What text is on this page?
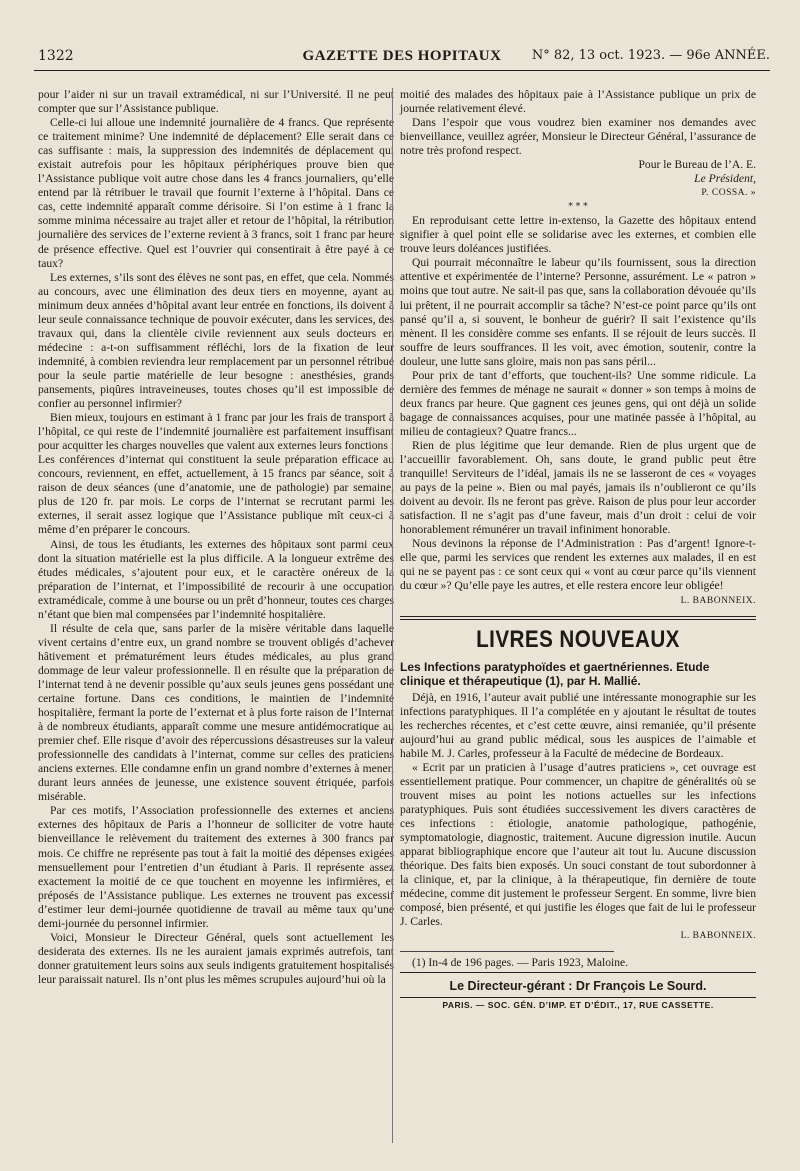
1322	GAZETTE DES HOPITAUX	N° 82, 13 oct. 1923. — 96e ANNÉE.

pour l’aider ni sur un travail extramédical, ni sur l’Université. Il ne peut compter que sur l’Assistance publique.

Celle-ci lui alloue une indemnité journalière de 4 francs. Que représente ce traitement minime? Une indemnité de déplacement? Elle serait dans ce cas suffisante : mais, la suppression des indemnités de déplacement qui existait autrefois pour les hôpitaux périphériques prouve bien que l’Assistance publique voit autre chose dans les 4 francs journaliers, qu’elle entend par là rétribuer le travail que fournit l’externe à l’hôpital. Dans ce cas, cette indemnité apparaît comme dérisoire. Si l’on estime à 1 franc la somme minima nécessaire au trajet aller et retour de l’hôpital, la rétribution journalière des services de l’externe revient à 3 francs, soit 1 franc par heure de présence effective. Quel est l’ouvrier qui consentirait à être payé à ce taux?

Les externes, s’ils sont des élèves ne sont pas, en effet, que cela. Nommés au concours, avec une élimination des deux tiers en moyenne, ayant au minimum deux années d’hôpital avant leur entrée en fonctions, ils doivent à leur seule connaissance technique de pouvoir exécuter, dans les services, des travaux qui, dans la clientèle civile reviennent aux seuls docteurs en médecine : a-t-on suffisamment réfléchi, lors de la fixation de leur indemnité, à combien reviendra leur remplacement par un personnel rétribué pour la seule partie matérielle de leur besogne : anesthésies, grands pansements, piqûres intraveineuses, toutes choses qu’il est impossible de confier au personnel infirmier?

Bien mieux, toujours en estimant à 1 franc par jour les frais de transport à l’hôpital, ce qui reste de l’indemnité journalière est parfaitement insuffisant pour acquitter les charges nouvelles que valent aux externes leurs fonctions : Les conférences d’internat qui constituent la seule préparation efficace au concours, reviennent, en effet, actuellement, à 15 francs par séance, soit à raison de deux séances (une d’anatomie, une de pathologie) par semaine, plus de 120 fr. par mois. Le corps de l’internat se recrutant parmi les externes, il serait assez logique que l’Assistance publique mît ceux-ci à même d’en préparer le concours.

Ainsi, de tous les étudiants, les externes des hôpitaux sont parmi ceux dont la situation matérielle est la plus difficile. A la longueur extrême des études médicales, s’ajoutent pour eux, et le caractère onéreux de la préparation de l’internat, et l’impossibilité de recourir à une occupation extramédicale, comme à une bourse ou un prêt d’honneur, toutes ces charges n’étant que bien mal compensées par l’indemnité hospitalière.

Il résulte de cela que, sans parler de la misère véritable dans laquelle vivent certains d’entre eux, un grand nombre se trouvent obligés d’achever hâtivement et prématurément leurs études médicales, au plus grand dommage de leur valeur professionnelle. Il en résulte que la préparation de l’internat tend à ne devenir possible qu’aux seuls jeunes gens possédant une certaine fortune. Dans ces conditions, le maintien de l’indemnité hospitalière, fermant la porte de l’externat et à plus forte raison de l’Internat à de nombreux étudiants, apparaît comme une mesure antidémocratique au premier chef. Elle risque d’avoir des répercussions désastreuses sur la valeur professionnelle des candidats à l’internat, comme sur celles des praticiens anciens externes. Elle condamne enfin un grand nombre d’externes à mener, durant leurs années de jeunesse, une existence souvent étriquée, parfois misérable.

Par ces motifs, l’Association professionnelle des externes et anciens externes des hôpitaux de Paris a l’honneur de solliciter de votre haute bienveillance le relèvement du traitement des externes à 300 francs par mois. Ce chiffre ne représente pas tout à fait la moitié des dépenses exigées mensuellement pour l’entretien d’un étudiant à Paris. Il représente assez exactement la moitié de ce que touchent en moyenne les infirmières, et préposés de l’Assistance publique. Les externes ne trouvent pas excessif d’estimer leur demi-journée quotidienne de travail au même taux qu’une demi-journée du personnel infirmier.

Voici, Monsieur le Directeur Général, quels sont actuellement les desiderata des externes. Ils ne les auraient jamais exprimés autrefois, tant donner gratuitement leurs soins aux seuls indigents gratuitement hospitalisés leur paraissait naturel. Ils n’ont plus les mêmes scrupules aujourd’hui où la

moitié des malades des hôpitaux paie à l’Assistance publique un prix de journée relativement élevé.

Dans l’espoir que vous voudrez bien examiner nos demandes avec bienveillance, veuillez agréer, Monsieur le Directeur Général, l’assurance de notre très profond respect.

Pour le Bureau de l’A. E.
Le Président,
P. COSSA. »
* * *

En reproduisant cette lettre in-extenso, la Gazette des hôpitaux entend signifier à quel point elle se solidarise avec les externes, et combien elle trouve leurs doléances justifiées.

Qui pourrait méconnaître le labeur qu’ils fournissent, sous la direction attentive et expérimentée de l’interne? Personne, assurément. Le « patron » moins que tout autre. Ne sait-il pas que, sans la collaboration dévouée qu’ils lui prêtent, il ne pourrait accomplir sa tâche? N’est-ce point parce qu’ils ont pansé qu’il a, si souvent, le bonheur de guérir? Il sait l’existence qu’ils mènent. Il les considère comme ses enfants. Il se réjouit de leurs succès. Il souffre de leurs souffrances. Il les voit, avec émotion, soutenir, contre la douleur, une lutte sans gloire, mais non pas sans péril...

Pour prix de tant d’efforts, que touchent-ils? Une somme ridicule. La dernière des femmes de ménage ne saurait « donner » son temps à moins de deux francs par heure. Que gagnent ces jeunes gens, qui ont déjà un solide bagage de connaissances acquises, pour une matinée passée à l’hôpital, au milieu de contagieux? Quatre francs...

Rien de plus légitime que leur demande. Rien de plus urgent que de l’accueillir favorablement. Oh, sans doute, le grand public peut être tranquille! Serviteurs de l’idéal, jamais ils ne se lasseront de ces « voyages au pays de la peine ». Bien ou mal payés, jamais ils n’oublieront ce qu’ils doivent au devoir. Ils ne feront pas grève. Raison de plus pour leur accorder satisfaction. Il ne s’agit pas d’une faveur, mais d’un droit : celui de voir honorablement rémunérer un travail infiniment honorable.

Nous devinons la réponse de l’Administration : Pas d’argent! Ignore-t-elle que, parmi les services que rendent les externes aux malades, il en est qui ne se payent pas : ce sont ceux qui « vont au cœur parce qu’ils viennent du cœur »? Qu’elle paye les autres, et elle restera encore leur obligée!

L. BABONNEIX.
LIVRES NOUVEAUX
Les Infections paratyphoïdes et gaertnériennes. Etude clinique et thérapeutique (1), par H. Mallié.

Déjà, en 1916, l’auteur avait publié une intéressante monographie sur les infections paratyphiques. Il l’a complétée en y ajoutant le résultat de toutes les recherches récentes, et c’est cette œuvre, ainsi remaniée, qu’il présente aujourd’hui au grand public médical, sous les auspices de l’aimable et habile M. J. Carles, professeur à la Faculté de médecine de Bordeaux.

« Ecrit par un praticien à l’usage d’autres praticiens », cet ouvrage est essentiellement pratique. Pour commencer, un chapitre de généralités où se trouvent mises au point les notions actuelles sur les infections paratyphiques. Puis sont étudiées successivement les divers caractères de ces infections : étiologie, anatomie pathologique, pathogénie, symptomatologie, diagnostic, traitement. Aucune digression inutile. Aucun apparat bibliographique encore que l’auteur ait tout lu. Aucune discussion théorique. Des faits bien exposés. Un souci constant de tout subordonner à la clinique, et, par la clinique, à la thérapeutique, fin dernière de toute médecine, comme dit justement le professeur Sergent. En somme, livre bien composé, bien présenté, et qui justifie les éloges que fait de lui le professeur J. Carles.

L. BABONNEIX.

(1) In-4 de 196 pages. — Paris 1923, Maloine.

Le Directeur-gérant : Dr François Le Sourd.
PARIS. — SOC. GÉN. D’IMP. ET D’ÉDIT., 17, RUE CASSETTE.
